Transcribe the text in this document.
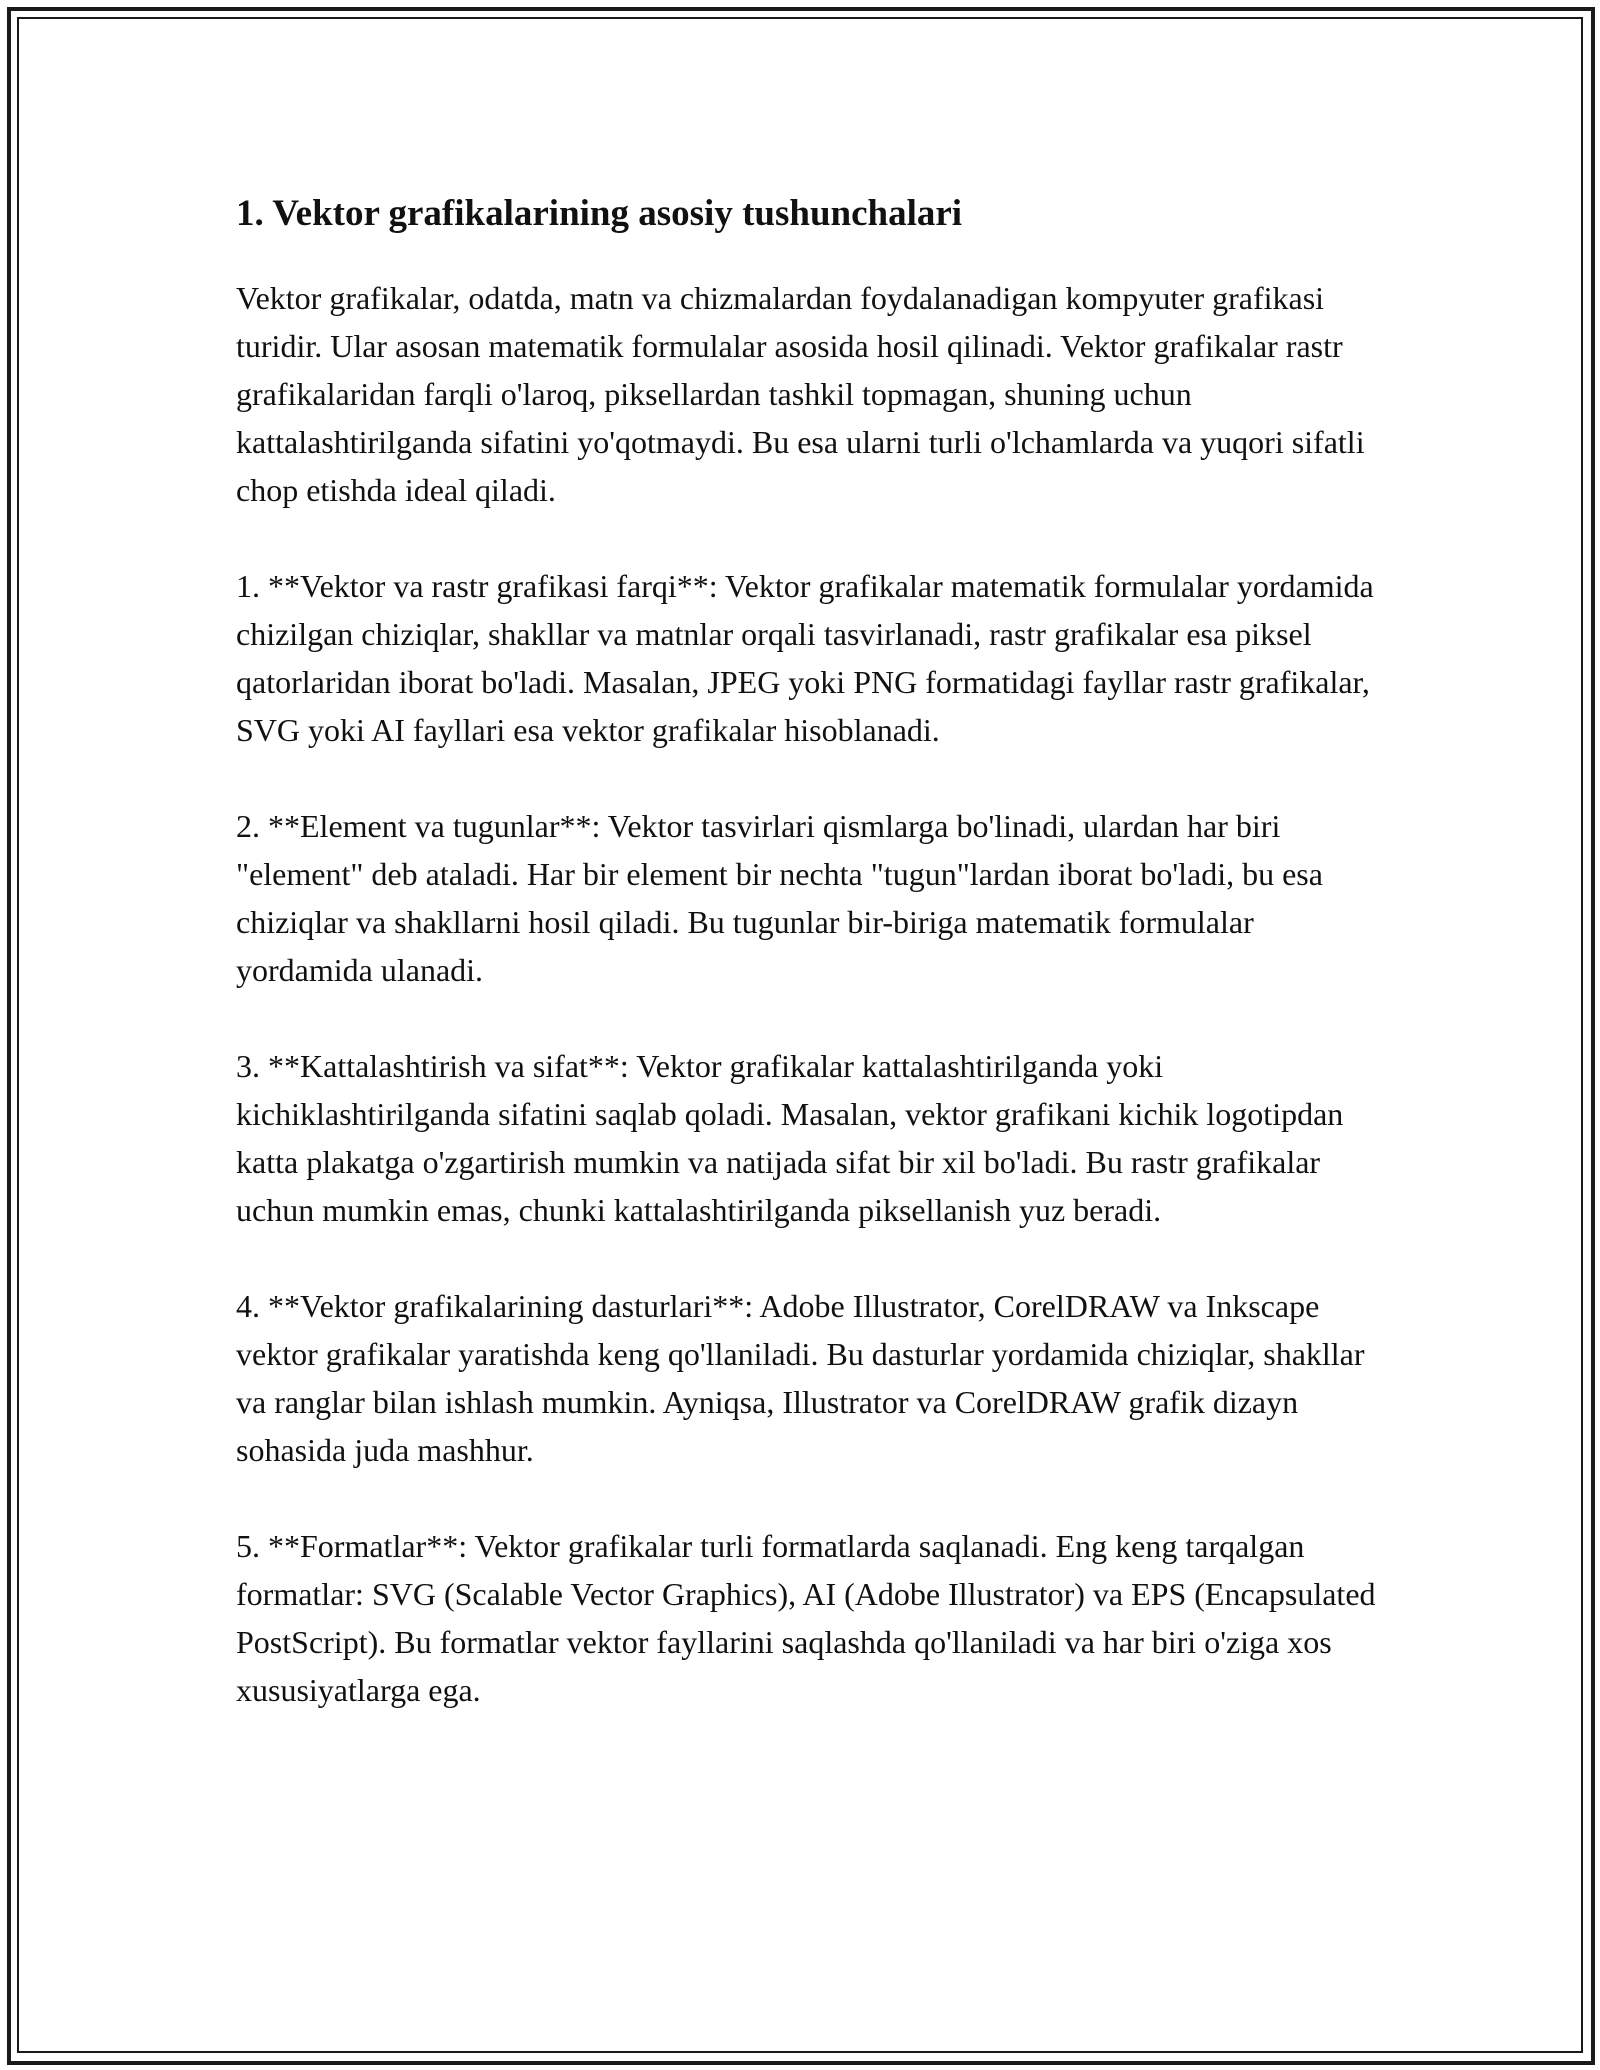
1. Vektor grafikalarining asosiy tushunchalari

Vektor grafikalar, odatda, matn va chizmalardan foydalanadigan kompyuter grafikasi turidir. Ular asosan matematik formulalar asosida hosil qilinadi. Vektor grafikalar rastr grafikalaridan farqli o'laroq, piksellardan tashkil topmagan, shuning uchun kattalashtirilganda sifatini yo'qotmaydi. Bu esa ularni turli o'lchamlarda va yuqori sifatli chop etishda ideal qiladi.

1. **Vektor va rastr grafikasi farqi**: Vektor grafikalar matematik formulalar yordamida chizilgan chiziqlar, shakllar va matnlar orqali tasvirlanadi, rastr grafikalar esa piksel qatorlaridan iborat bo'ladi. Masalan, JPEG yoki PNG formatidagi fayllar rastr grafikalar, SVG yoki AI fayllari esa vektor grafikalar hisoblanadi.

2. **Element va tugunlar**: Vektor tasvirlari qismlarga bo'linadi, ulardan har biri "element" deb ataladi. Har bir element bir nechta "tugun"lardan iborat bo'ladi, bu esa chiziqlar va shakllarni hosil qiladi. Bu tugunlar bir-biriga matematik formulalar yordamida ulanadi.

3. **Kattalashtirish va sifat**: Vektor grafikalar kattalashtirilganda yoki kichiklashtirilganda sifatini saqlab qoladi. Masalan, vektor grafikani kichik logotipdan katta plakatga o'zgartirish mumkin va natijada sifat bir xil bo'ladi. Bu rastr grafikalar uchun mumkin emas, chunki kattalashtirilganda piksellanish yuz beradi.

4. **Vektor grafikalarining dasturlari**: Adobe Illustrator, CorelDRAW va Inkscape vektor grafikalar yaratishda keng qo'llaniladi. Bu dasturlar yordamida chiziqlar, shakllar va ranglar bilan ishlash mumkin. Ayniqsa, Illustrator va CorelDRAW grafik dizayn sohasida juda mashhur.

5. **Formatlar**: Vektor grafikalar turli formatlarda saqlanadi. Eng keng tarqalgan formatlar: SVG (Scalable Vector Graphics), AI (Adobe Illustrator) va EPS (Encapsulated PostScript). Bu formatlar vektor fayllarini saqlashda qo'llaniladi va har biri o'ziga xos xususiyatlarga ega.
